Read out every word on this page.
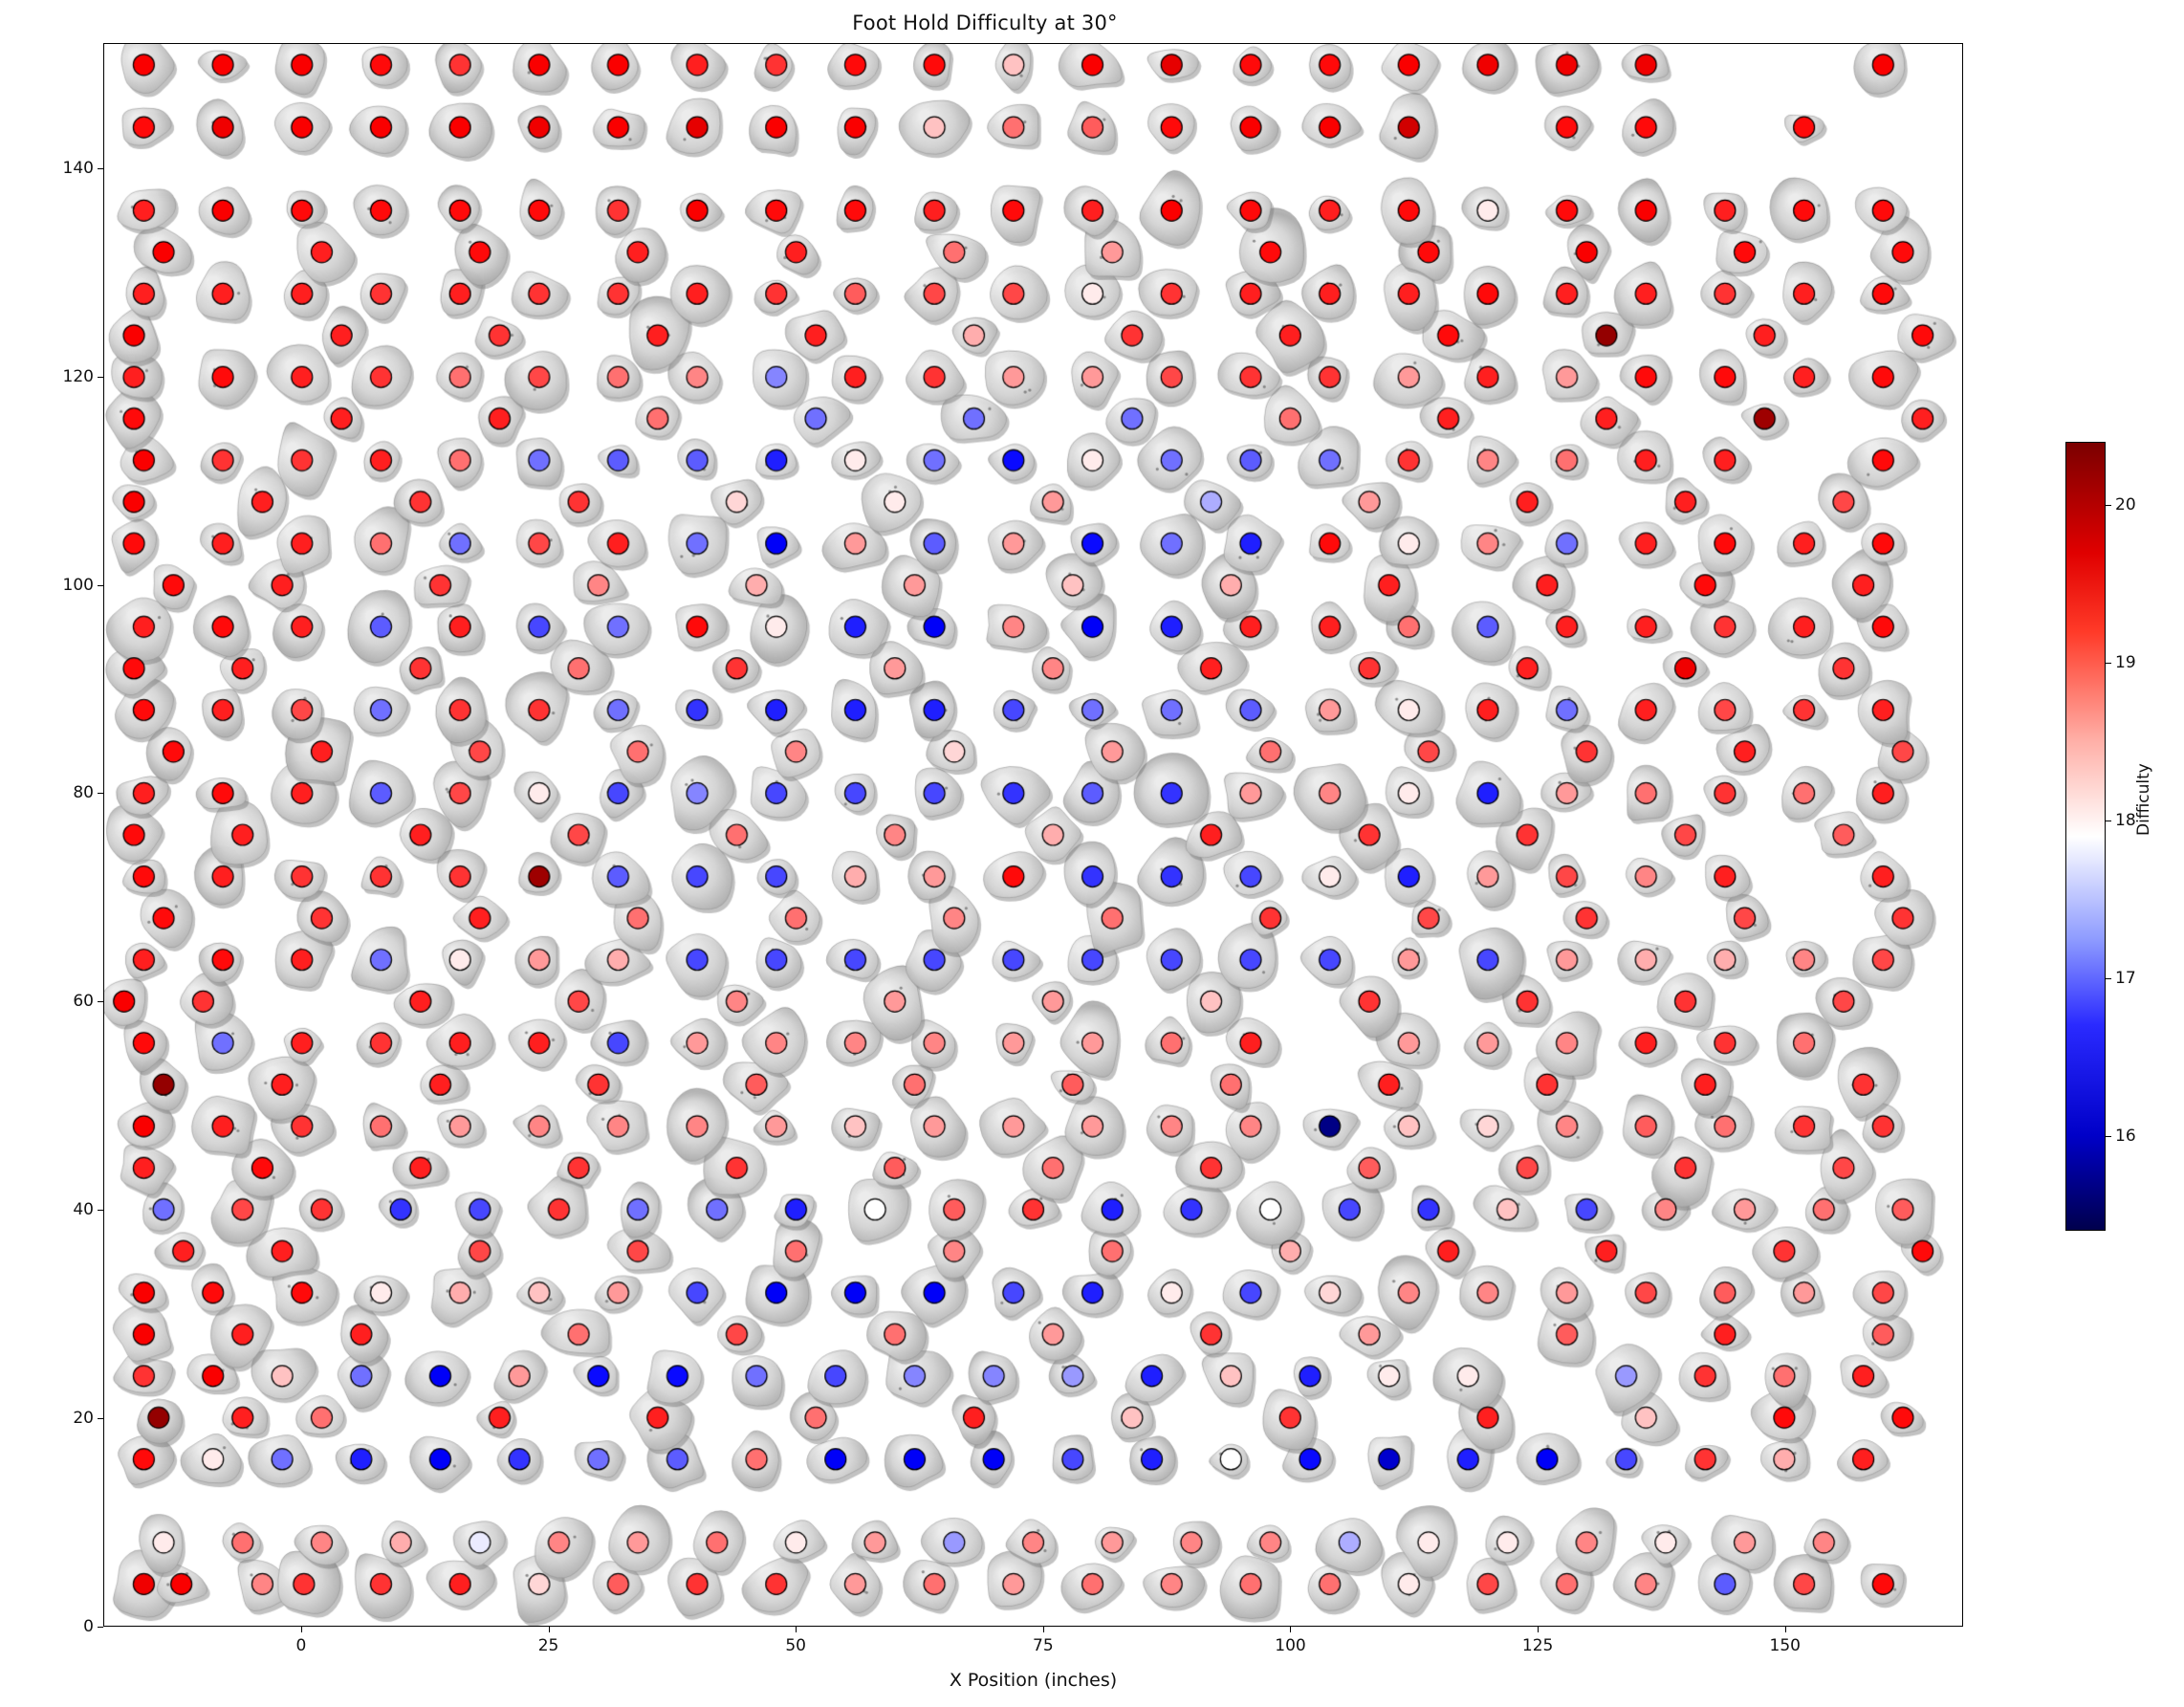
Foot Hold Difficulty at 30°
0	25	50	75	100	125	150
0
20
40
60
80
100
120
140
X Position (inches)
16
17
18
19
20
Difficulty
